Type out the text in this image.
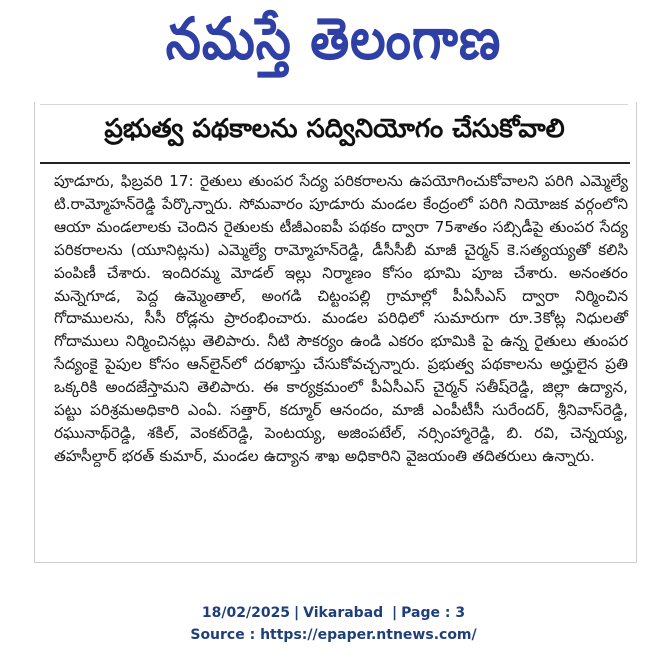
నమస్తే తెలంగాణ
ప్రభుత్వ పథకాలను సద్వినియోగం చేసుకోవాలి
పూడూరు, ఫిబ్రవరి 17: రైతులు తుంపర సేద్య పరికరాలను ఉపయోగించుకోవాలని పరిగి ఎమ్మెల్యే టి.రామ్మోహన్‌రెడ్డి పేర్కొన్నారు. సోమవారం పూడూరు మండల కేంద్రంలో పరిగి నియోజక వర్గంలోని ఆయా మండలాలకు చెందిన రైతులకు టీజీఎంఐపీ పథకం ద్వారా 75శాతం సబ్సిడీపై తుంపర సేద్య పరికరాలను (యూనిట్లను) ఎమ్మెల్యే రామ్మోహన్‌రెడ్డి, డీసీసీబీ మాజీ చైర్మన్ కె.సత్యయ్యతో కలిసి పంపిణీ చేశారు. ఇందిరమ్మ మోడల్ ఇల్లు నిర్మాణం కోసం భూమి పూజ చేశారు. అనంతరం మన్నెగూడ, పెద్ద ఉమ్మెంతాల్, అంగడి చిట్టంపల్లి గ్రామాల్లో పీఏసీఎస్ ద్వారా నిర్మించిన గోదాములను, సీసీ రోడ్లను ప్రారంభించారు. మండల పరిధిలో సుమారుగా రూ.3కోట్ల నిధులతో గోదాములు నిర్మించినట్లు తెలిపారు. నీటి సౌకర్యం ఉండి ఎకరం భూమికి పై ఉన్న రైతులు తుంపర సేద్యంకై పైపుల కోసం ఆన్‌లైన్‌లో దరఖాస్తు చేసుకోవచ్చన్నారు. ప్రభుత్వ పథకాలను అర్హులైన ప్రతి ఒక్కరికి అందజేస్తామని తెలిపారు. ఈ కార్యక్రమంలో పీఏసీఎస్ చైర్మన్ సతీష్‌రెడ్డి, జిల్లా ఉద్యాన, పట్టు పరిశ్రమఅధికారి ఎంఏ. సత్తార్, కద్మూర్ ఆనందం, మాజీ ఎంపీటీసీ సురేందర్, శ్రీనివాస్‌రెడ్డి, రఘునాథ్‌రెడ్డి, శకిల్, వెంకట్‌రెడ్డి, పెంటయ్య, అజింపటేల్, నర్సింహ్మారెడ్డి, బి. రవి, చెన్నయ్య, తహసీల్దార్ భరత్ కుమార్, మండల ఉద్యాన శాఖ అధికారిని వైజయంతి తదితరులు ఉన్నారు.
18/02/2025 | Vikarabad | Page : 3
Source : https://epaper.ntnews.com/
